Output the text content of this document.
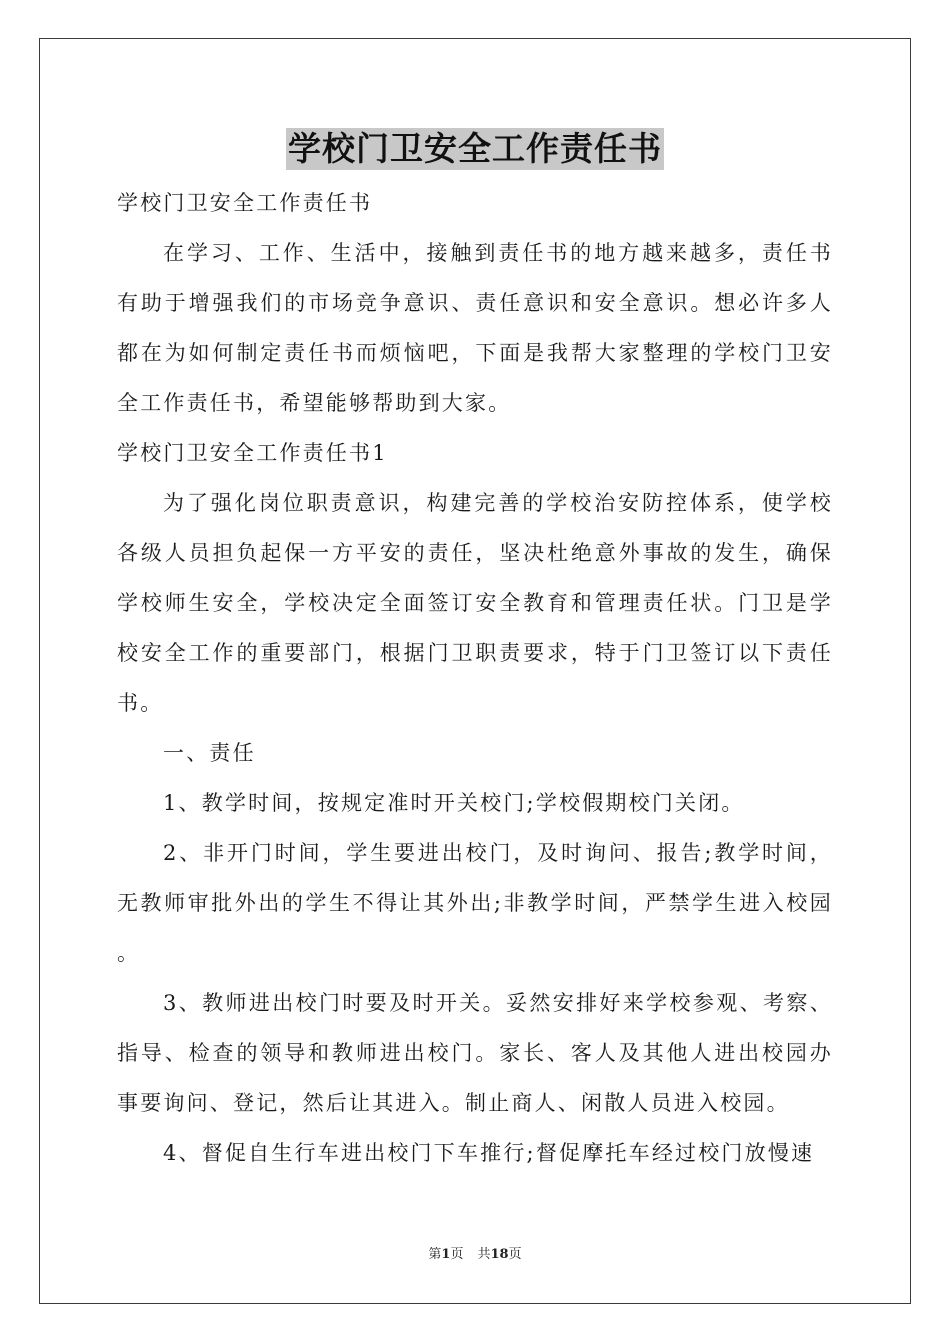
学校门卫安全工作责任书

学校门卫安全工作责任书

在学习、工作、生活中，接触到责任书的地方越来越多，责任书有助于增强我们的市场竞争意识、责任意识和安全意识。想必许多人都在为如何制定责任书而烦恼吧，下面是我帮大家整理的学校门卫安全工作责任书，希望能够帮助到大家。

学校门卫安全工作责任书1

为了强化岗位职责意识，构建完善的学校治安防控体系，使学校各级人员担负起保一方平安的责任，坚决杜绝意外事故的发生，确保学校师生安全，学校决定全面签订安全教育和管理责任状。门卫是学校安全工作的重要部门，根据门卫职责要求，特于门卫签订以下责任书。

一、责任

1、教学时间，按规定准时开关校门;学校假期校门关闭。

2、非开门时间，学生要进出校门，及时询问、报告;教学时间，无教师审批外出的学生不得让其外出;非教学时间，严禁学生进入校园。

3、教师进出校门时要及时开关。妥然安排好来学校参观、考察、指导、检查的领导和教师进出校门。家长、客人及其他人进出校园办事要询问、登记，然后让其进入。制止商人、闲散人员进入校园。

4、督促自生行车进出校门下车推行;督促摩托车经过校门放慢速

第1页 共18页
